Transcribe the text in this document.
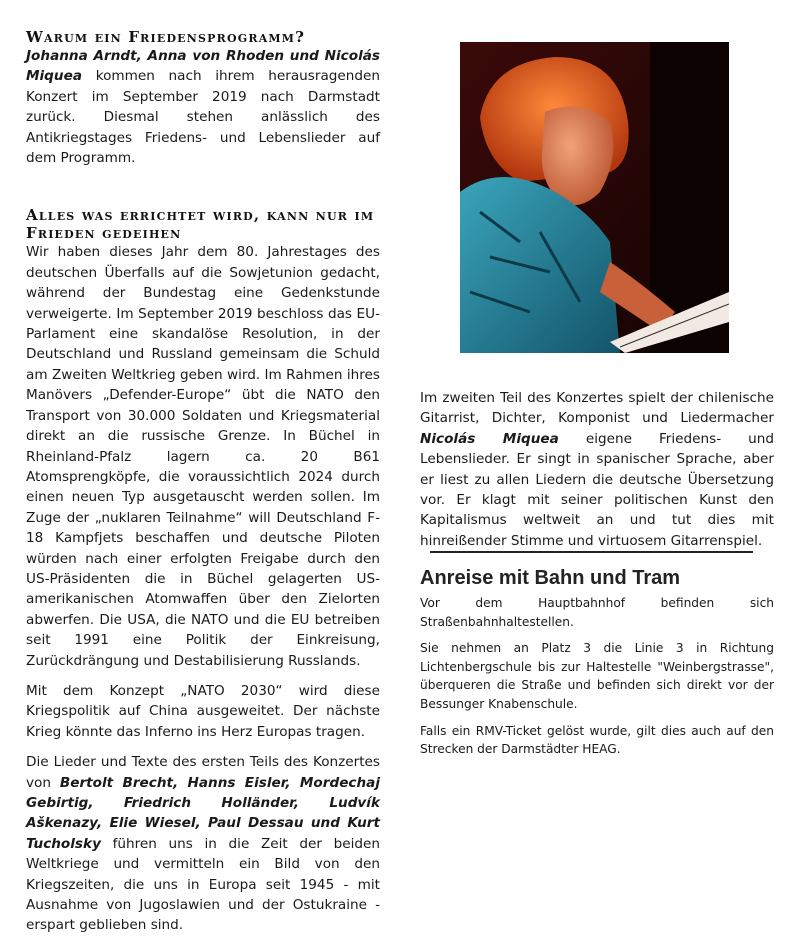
Warum ein Friedensprogramm?

Johanna Arndt, Anna von Rhoden und Nicolás Miquea kommen nach ihrem herausragenden Konzert im September 2019 nach Darmstadt zurück. Diesmal stehen anlässlich des Antikriegstages Friedens- und Lebenslieder auf dem Programm.

Alles was errichtet wird, kann nur im Frieden gedeihen

Wir haben dieses Jahr dem 80. Jahrestages des deutschen Überfalls auf die Sowjetunion gedacht, während der Bundestag eine Gedenkstunde verweigerte. Im September 2019 beschloss das EU-Parlament eine skandalöse Resolution, in der Deutschland und Russland gemeinsam die Schuld am Zweiten Weltkrieg geben wird. Im Rahmen ihres Manövers „Defender-Europe“ übt die NATO den Transport von 30.000 Soldaten und Kriegsmaterial direkt an die russische Grenze. In Büchel in Rheinland-Pfalz lagern ca. 20 B61 Atomsprengköpfe, die voraussichtlich 2024 durch einen neuen Typ ausgetauscht werden sollen. Im Zuge der „nuklaren Teilnahme“ will Deutschland F-18 Kampfjets beschaffen und deutsche Piloten würden nach einer erfolgten Freigabe durch den US-Präsidenten die in Büchel gelagerten US-amerikanischen Atomwaffen über den Zielorten abwerfen. Die USA, die NATO und die EU betreiben seit 1991 eine Politik der Einkreisung, Zurückdrängung und Destabilisierung Russlands.

Mit dem Konzept „NATO 2030“ wird diese Kriegspolitik auf China ausgeweitet. Der nächste Krieg könnte das Inferno ins Herz Europas tragen.

Die Lieder und Texte des ersten Teils des Konzertes von Bertolt Brecht, Hanns Eisler, Mordechaj Gebirtig, Friedrich Holländer, Ludvík Aškenazy, Elie Wiesel, Paul Dessau und Kurt Tucholsky führen uns in die Zeit der beiden Weltkriege und vermitteln ein Bild von den Kriegszeiten, die uns in Europa seit 1945 - mit Ausnahme von Jugoslawien und der Ostukraine - erspart geblieben sind.

Im zweiten Teil des Konzertes spielt der chilenische Gitarrist, Dichter, Komponist und Liedermacher Nicolás Miquea eigene Friedens- und Lebenslieder. Er singt in spanischer Sprache, aber er liest zu allen Liedern die deutsche Übersetzung vor. Er klagt mit seiner politischen Kunst den Kapitalismus weltweit an und tut dies mit hinreißender Stimme und virtuosem Gitarrenspiel.

Anreise mit Bahn und Tram

Vor dem Hauptbahnhof befinden sich Straßenbahnhaltestellen.

Sie nehmen an Platz 3 die Linie 3 in Richtung Lichtenbergschule bis zur Haltestelle "Weinbergstrasse", überqueren die Straße und befinden sich direkt vor der Bessunger Knabenschule.

Falls ein RMV-Ticket gelöst wurde, gilt dies auch auf den Strecken der Darmstädter HEAG.
